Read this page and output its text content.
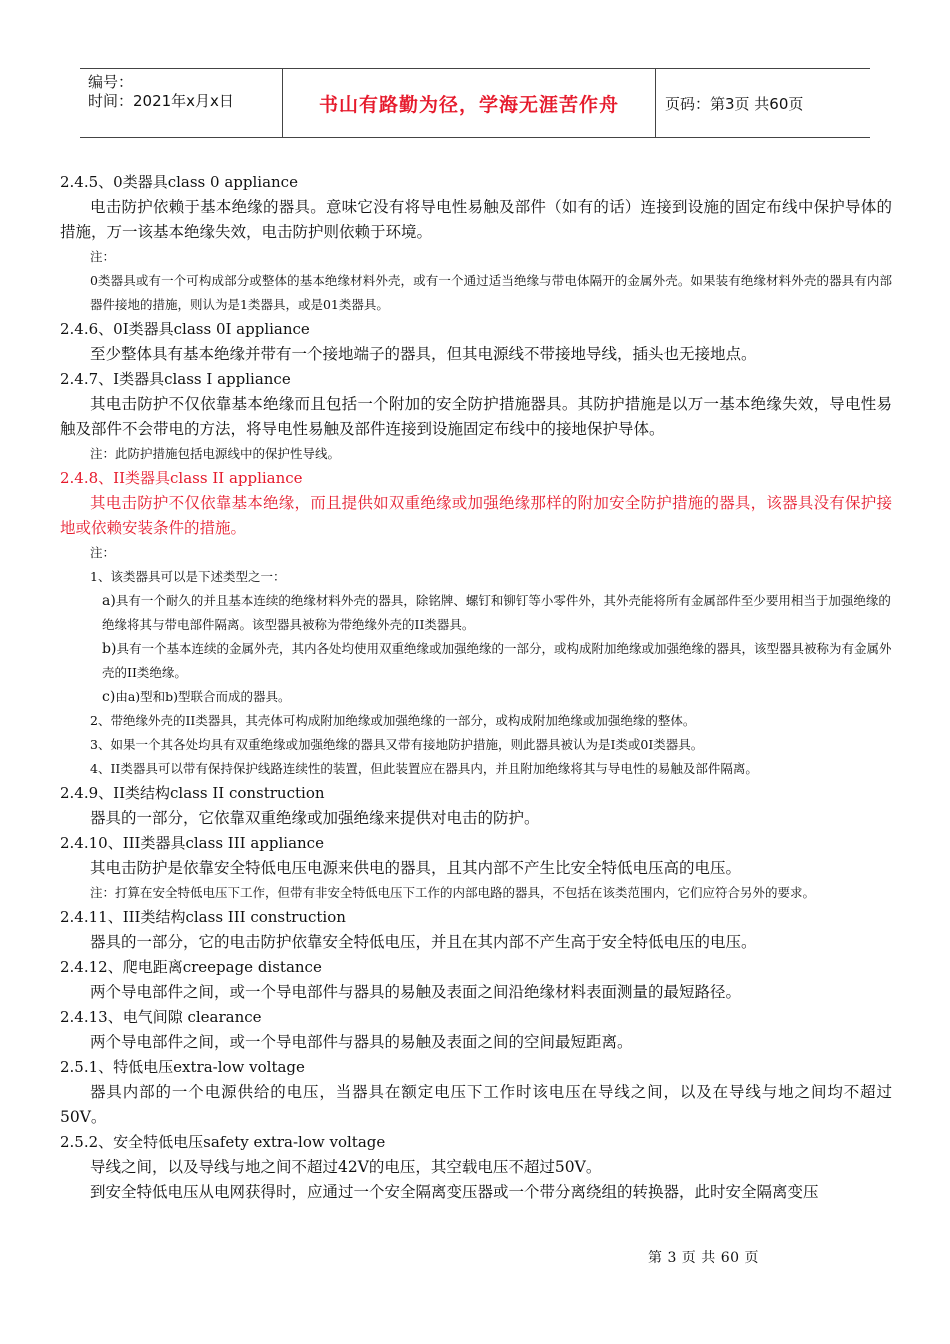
编号：
时间：2021年x月x日	书山有路勤为径，学海无涯苦作舟	页码：第3页 共60页
2.4.5、0类器具class 0 appliance
电击防护依赖于基本绝缘的器具。意味它没有将导电性易触及部件（如有的话）连接到设施的固定布线中保护导体的措施，万一该基本绝缘失效，电击防护则依赖于环境。
注：
0类器具或有一个可构成部分或整体的基本绝缘材料外壳，或有一个通过适当绝缘与带电体隔开的金属外壳。如果装有绝缘材料外壳的器具有内部器件接地的措施，则认为是1类器具，或是01类器具。
2.4.6、0I类器具class 0I appliance
至少整体具有基本绝缘并带有一个接地端子的器具，但其电源线不带接地导线，插头也无接地点。
2.4.7、I类器具class I appliance
其电击防护不仅依靠基本绝缘而且包括一个附加的安全防护措施器具。其防护措施是以万一基本绝缘失效，导电性易触及部件不会带电的方法，将导电性易触及部件连接到设施固定布线中的接地保护导体。
注：此防护措施包括电源线中的保护性导线。
2.4.8、II类器具class II appliance
其电击防护不仅依靠基本绝缘，而且提供如双重绝缘或加强绝缘那样的附加安全防护措施的器具，该器具没有保护接地或依赖安装条件的措施。
注：
1、该类器具可以是下述类型之一：
a)具有一个耐久的并且基本连续的绝缘材料外壳的器具，除铭牌、螺钉和铆钉等小零件外，其外壳能将所有金属部件至少要用相当于加强绝缘的绝缘将其与带电部件隔离。该型器具被称为带绝缘外壳的II类器具。
b)具有一个基本连续的金属外壳，其内各处均使用双重绝缘或加强绝缘的一部分，或构成附加绝缘或加强绝缘的器具，该型器具被称为有金属外壳的II类绝缘。
c)由a)型和b)型联合而成的器具。
2、带绝缘外壳的II类器具，其壳体可构成附加绝缘或加强绝缘的一部分，或构成附加绝缘或加强绝缘的整体。
3、如果一个其各处均具有双重绝缘或加强绝缘的器具又带有接地防护措施，则此器具被认为是I类或0I类器具。
4、II类器具可以带有保持保护线路连续性的装置，但此装置应在器具内，并且附加绝缘将其与导电性的易触及部件隔离。
2.4.9、II类结构class II construction
器具的一部分，它依靠双重绝缘或加强绝缘来提供对电击的防护。
2.4.10、III类器具class III appliance
其电击防护是依靠安全特低电压电源来供电的器具，且其内部不产生比安全特低电压高的电压。
注：打算在安全特低电压下工作，但带有非安全特低电压下工作的内部电路的器具，不包括在该类范围内，它们应符合另外的要求。
2.4.11、III类结构class III construction
器具的一部分，它的电击防护依靠安全特低电压，并且在其内部不产生高于安全特低电压的电压。
2.4.12、爬电距离creepage distance
两个导电部件之间，或一个导电部件与器具的易触及表面之间沿绝缘材料表面测量的最短路径。
2.4.13、电气间隙 clearance
两个导电部件之间，或一个导电部件与器具的易触及表面之间的空间最短距离。
2.5.1、特低电压extra-low voltage
器具内部的一个电源供给的电压，当器具在额定电压下工作时该电压在导线之间，以及在导线与地之间均不超过50V。
2.5.2、安全特低电压safety extra-low voltage
导线之间，以及导线与地之间不超过42V的电压，其空载电压不超过50V。
到安全特低电压从电网获得时，应通过一个安全隔离变压器或一个带分离绕组的转换器，此时安全隔离变压
第 3 页 共 60 页
